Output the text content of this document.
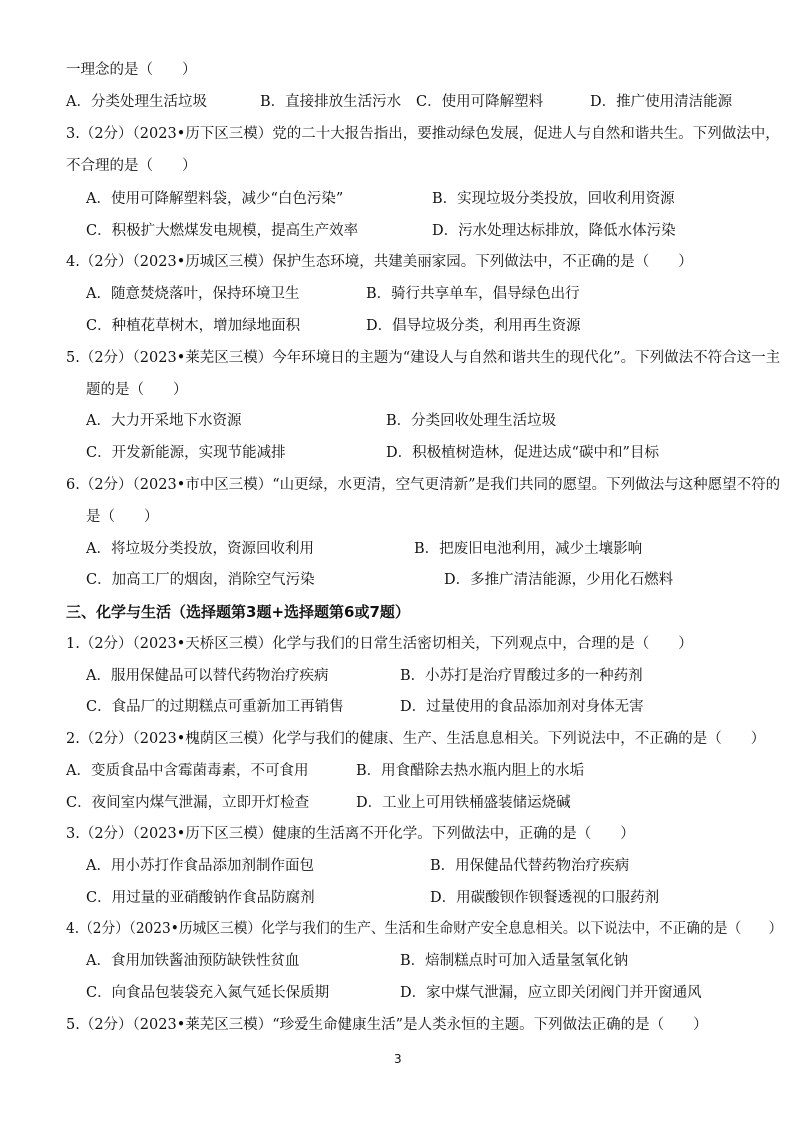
一理念的是（　　）
A．分类处理生活垃圾	B．直接排放生活污水 C．使用可降解塑料	D．推广使用清洁能源
3.（2分）（2023•历下区三模）党的二十大报告指出，要推动绿色发展，促进人与自然和谐共生。下列做法中，
不合理的是（　　）
A．使用可降解塑料袋，减少“白色污染”	B．实现垃圾分类投放，回收利用资源
C．积极扩大燃煤发电规模，提高生产效率	D．污水处理达标排放，降低水体污染
4.（2分）（2023•历城区三模）保护生态环境，共建美丽家园。下列做法中，不正确的是（　　）
A．随意焚烧落叶，保持环境卫生	B．骑行共享单车，倡导绿色出行
C．种植花草树木，增加绿地面积	D．倡导垃圾分类，利用再生资源
5.（2分）（2023•莱芜区三模）今年环境日的主题为“建设人与自然和谐共生的现代化”。下列做法不符合这一主
题的是（　　）
A．大力开采地下水资源	B．分类回收处理生活垃圾
C．开发新能源，实现节能减排	D．积极植树造林，促进达成“碳中和”目标
6.（2分）（2023•市中区三模）“山更绿，水更清，空气更清新”是我们共同的愿望。下列做法与这种愿望不符的
是（　　）
A．将垃圾分类投放，资源回收利用	B．把废旧电池利用，减少土壤影响
C．加高工厂的烟囱，消除空气污染	D．多推广清洁能源，少用化石燃料
三、化学与生活（选择题第3题+选择题第6或7题）
1.（2分）（2023•天桥区三模）化学与我们的日常生活密切相关，下列观点中，合理的是（　　）
A．服用保健品可以替代药物治疗疾病	B．小苏打是治疗胃酸过多的一种药剂
C．食品厂的过期糕点可重新加工再销售	D．过量使用的食品添加剂对身体无害
2.（2分）（2023•槐荫区三模）化学与我们的健康、生产、生活息息相关。下列说法中，不正确的是（　　）
A．变质食品中含霉菌毒素，不可食用	B．用食醋除去热水瓶内胆上的水垢
C．夜间室内煤气泄漏，立即开灯检查	D．工业上可用铁桶盛装储运烧碱
3.（2分）（2023•历下区三模）健康的生活离不开化学。下列做法中，正确的是（　　）
A．用小苏打作食品添加剂制作面包	B．用保健品代替药物治疗疾病
C．用过量的亚硝酸钠作食品防腐剂	D．用碳酸钡作钡餐透视的口服药剂
4.（2分）（2023•历城区三模）化学与我们的生产、生活和生命财产安全息息相关。以下说法中，不正确的是（　　）
A．食用加铁酱油预防缺铁性贫血	B．焙制糕点时可加入适量氢氧化钠
C．向食品包装袋充入氮气延长保质期	D．家中煤气泄漏，应立即关闭阀门并开窗通风
5.（2分）（2023•莱芜区三模）“珍爱生命健康生活”是人类永恒的主题。下列做法正确的是（　　）
3
